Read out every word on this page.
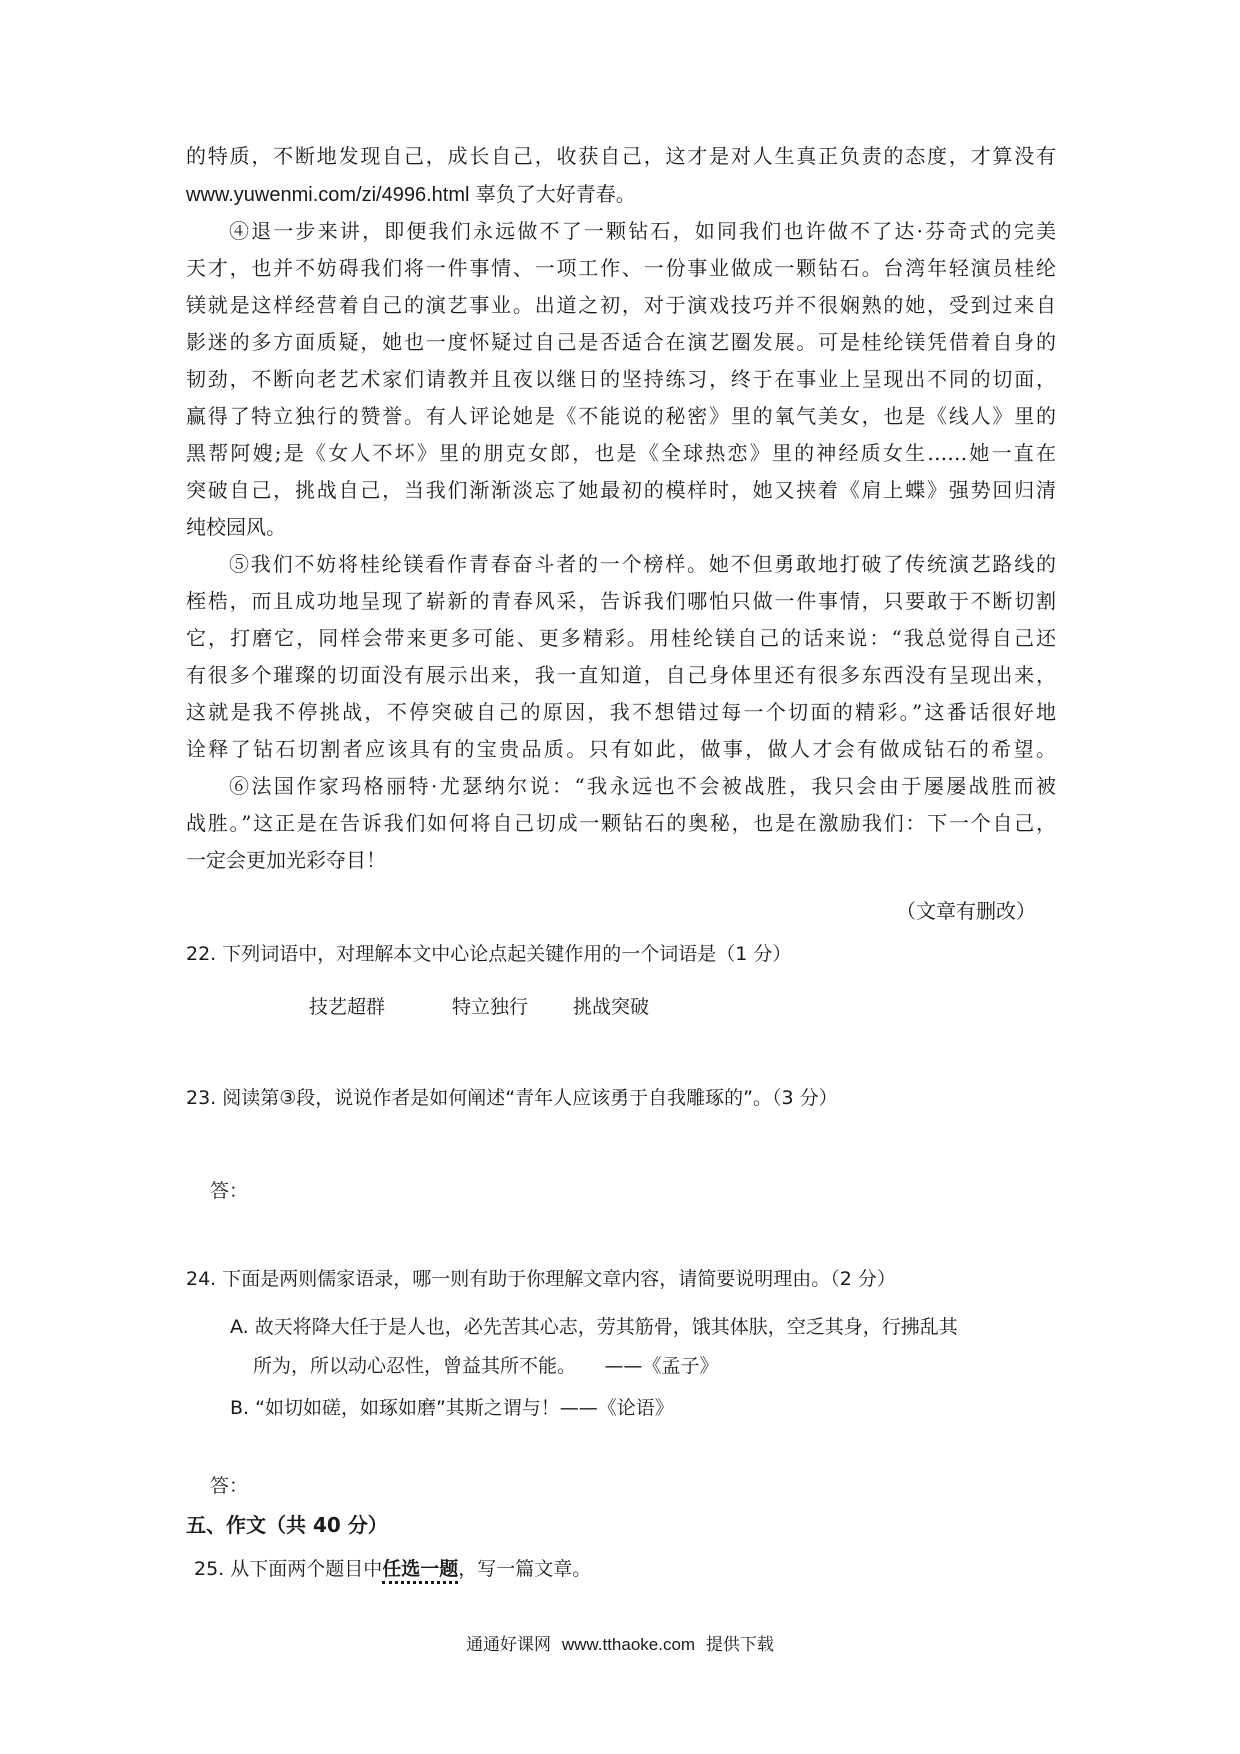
的特质，不断地发现自己，成长自己，收获自己，这才是对人生真正负责的态度，才算没有
www.yuwenmi.com/zi/4996.html 辜负了大好青春。
④退一步来讲，即便我们永远做不了一颗钻石，如同我们也许做不了达·芬奇式的完美
天才，也并不妨碍我们将一件事情、一项工作、一份事业做成一颗钻石。台湾年轻演员桂纶
镁就是这样经营着自己的演艺事业。出道之初，对于演戏技巧并不很娴熟的她，受到过来自
影迷的多方面质疑，她也一度怀疑过自己是否适合在演艺圈发展。可是桂纶镁凭借着自身的
韧劲，不断向老艺术家们请教并且夜以继日的坚持练习，终于在事业上呈现出不同的切面，
赢得了特立独行的赞誉。有人评论她是《不能说的秘密》里的氧气美女，也是《线人》里的
黑帮阿嫂;是《女人不坏》里的朋克女郎，也是《全球热恋》里的神经质女生……她一直在
突破自己，挑战自己，当我们渐渐淡忘了她最初的模样时，她又挟着《肩上蝶》强势回归清
纯校园风。
⑤我们不妨将桂纶镁看作青春奋斗者的一个榜样。她不但勇敢地打破了传统演艺路线的
桎梏，而且成功地呈现了崭新的青春风采，告诉我们哪怕只做一件事情，只要敢于不断切割
它，打磨它，同样会带来更多可能、更多精彩。用桂纶镁自己的话来说：“我总觉得自己还
有很多个璀璨的切面没有展示出来，我一直知道，自己身体里还有很多东西没有呈现出来，
这就是我不停挑战，不停突破自己的原因，我不想错过每一个切面的精彩。”这番话很好地
诠释了钻石切割者应该具有的宝贵品质。只有如此，做事，做人才会有做成钻石的希望。
⑥法国作家玛格丽特·尤瑟纳尔说：“我永远也不会被战胜，我只会由于屡屡战胜而被
战胜。”这正是在告诉我们如何将自己切成一颗钻石的奥秘，也是在激励我们：下一个自己，
一定会更加光彩夺目！
（文章有删改）
22. 下列词语中，对理解本文中心论点起关键作用的一个词语是（1 分）
技艺超群	特立独行 挑战突破
23. 阅读第③段，说说作者是如何阐述“青年人应该勇于自我雕琢的”。（3 分）
答：
24. 下面是两则儒家语录，哪一则有助于你理解文章内容，请简要说明理由。（2 分）
A. 故天将降大任于是人也，必先苦其心志，劳其筋骨，饿其体肤，空乏其身，行拂乱其
所为，所以动心忍性，曾益其所不能。　　——《孟子》
B. “如切如磋，如琢如磨”其斯之谓与！——《论语》
答：
五、作文（共 40 分）
25. 从下面两个题目中任选一题，写一篇文章。
通通好课网 www.tthaoke.com 提供下载
